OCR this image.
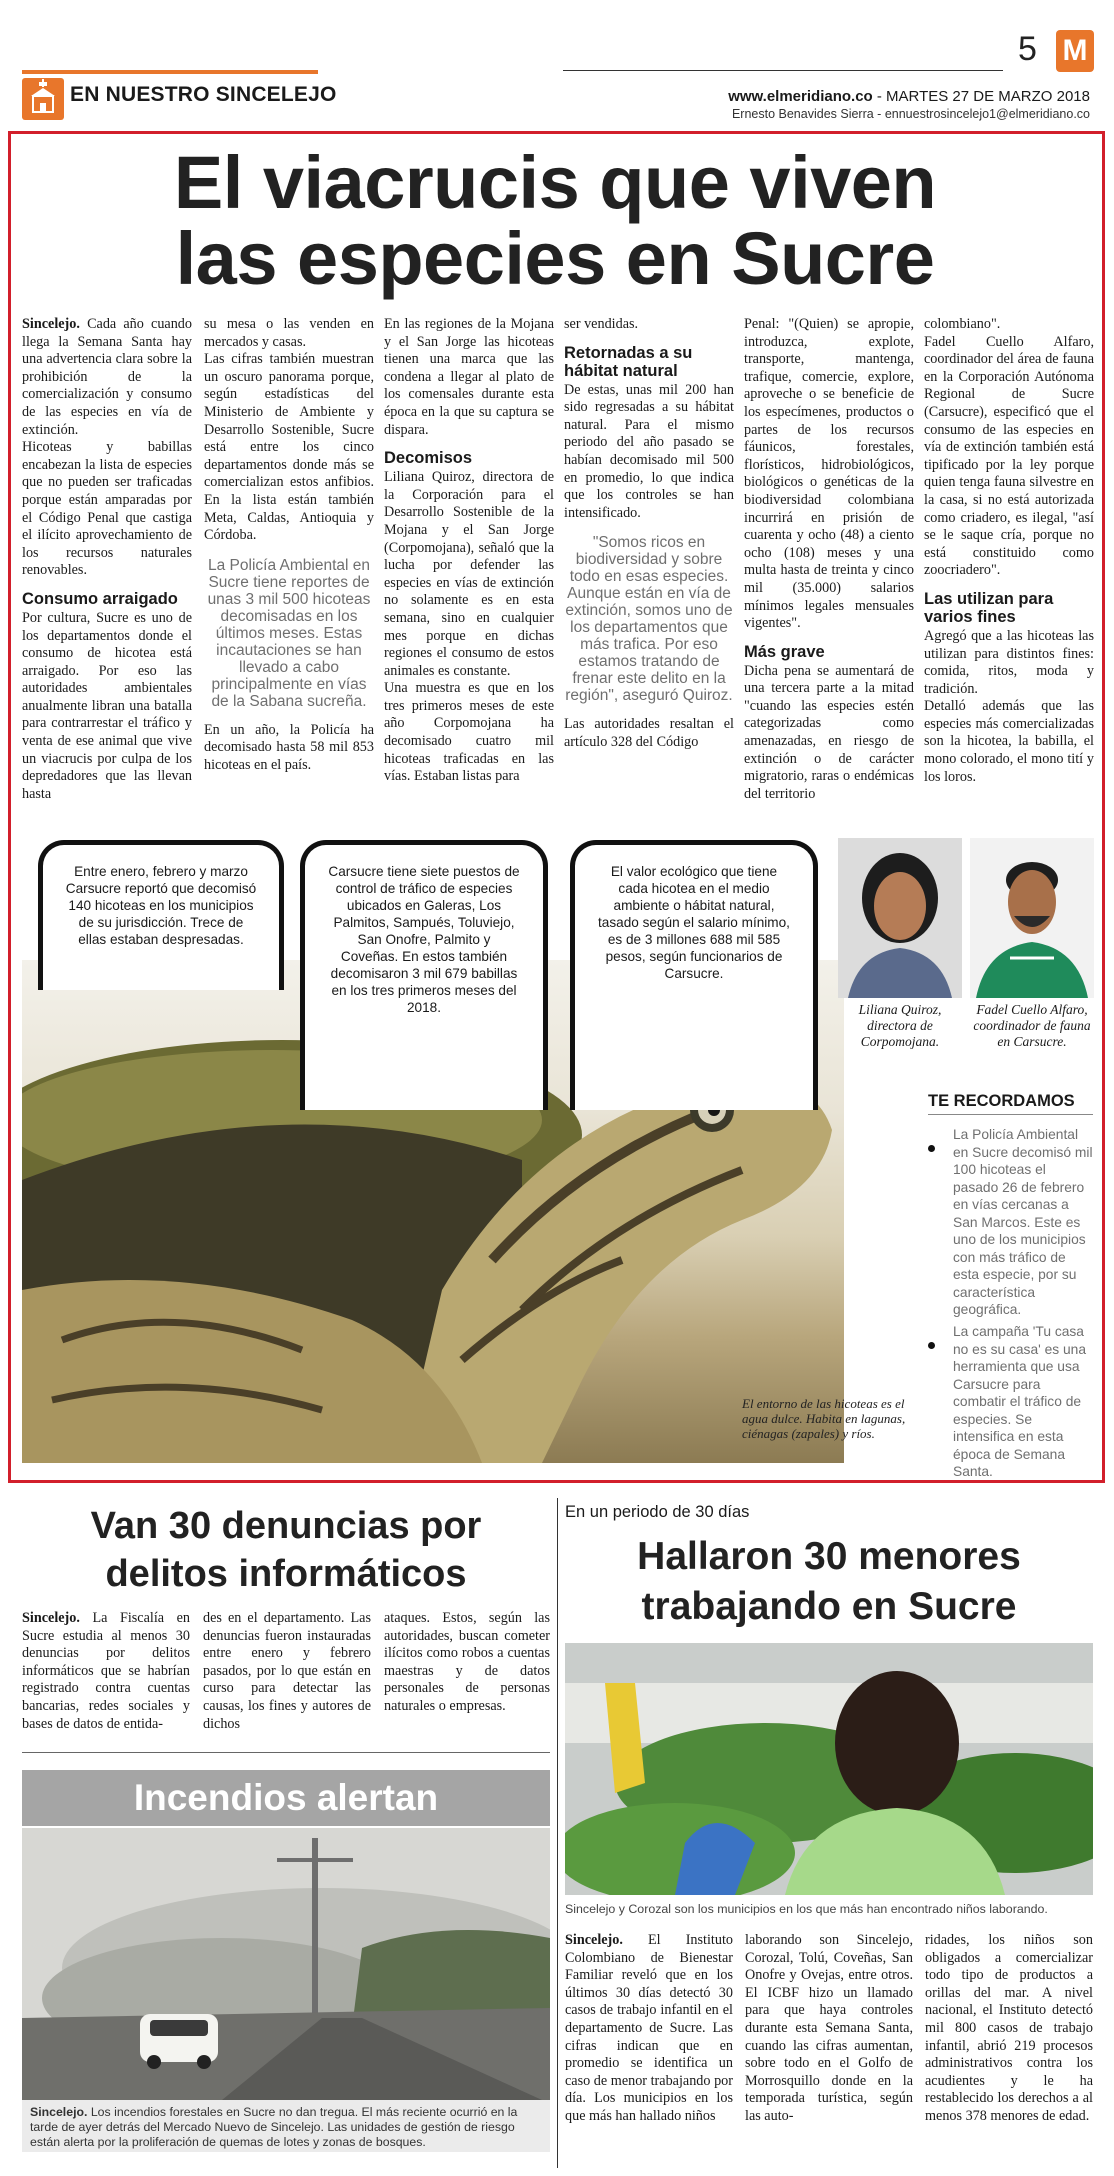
EN NUESTRO SINCELEJO
5 M
www.elmeridiano.co - MARTES 27 DE MARZO 2018
Ernesto Benavides Sierra - ennuestrosincelejo1@elmeridiano.co
El viacrucis que viven
las especies en Sucre

Sincelejo. Cada año cuando llega la Semana Santa hay una advertencia clara sobre la prohibición de la comercialización y consumo de las especies en vía de extinción.

Hicoteas y babillas encabezan la lista de especies que no pueden ser traficadas porque están amparadas por el Código Penal que castiga el ilícito aprovechamiento de los recursos naturales renovables.

Consumo arraigado

Por cultura, Sucre es uno de los departamentos donde el consumo de hicotea está arraigado. Por eso las autoridades ambientales anualmente libran una batalla para contrarrestar el tráfico y venta de ese animal que vive un viacrucis por culpa de los depredadores que las llevan hasta

su mesa o las venden en mercados y casas.

Las cifras también muestran un oscuro panorama porque, según estadísticas del Ministerio de Ambiente y Desarrollo Sostenible, Sucre está entre los cinco departamentos donde más se comercializan estos anfibios. En la lista están también Meta, Caldas, Antioquia y Córdoba.

La Policía Ambiental en Sucre tiene reportes de unas 3 mil 500 hicoteas decomisadas en los últimos meses. Estas incautaciones se han llevado a cabo principalmente en vías de la Sabana sucreña.

En un año, la Policía ha decomisado hasta 58 mil 853 hicoteas en el país.

En las regiones de la Mojana y el San Jorge las hicoteas tienen una marca que las condena a llegar al plato de los comensales durante esta época en la que su captura se dispara.

Decomisos

Liliana Quiroz, directora de la Corporación para el Desarrollo Sostenible de la Mojana y el San Jorge (Corpomojana), señaló que la lucha por defender las especies en vías de extinción no solamente es en esta semana, sino en cualquier mes porque en dichas regiones el consumo de estos animales es constante.

Una muestra es que en los tres primeros meses de este año Corpomojana ha decomisado cuatro mil hicoteas traficadas en las vías. Estaban listas para

ser vendidas.

Retornadas a su hábitat natural

De estas, unas mil 200 han sido regresadas a su hábitat natural. Para el mismo periodo del año pasado se habían decomisado mil 500 en promedio, lo que indica que los controles se han intensificado.

"Somos ricos en biodiversidad y sobre todo en esas especies. Aunque están en vía de extinción, somos uno de los departamentos que más trafica. Por eso estamos tratando de frenar este delito en la región", aseguró Quiroz.

Las autoridades resaltan el artículo 328 del Código

Penal: "(Quien) se apropie, introduzca, explote, transporte, mantenga, trafique, comercie, explore, aproveche o se beneficie de los especímenes, productos o partes de los recursos fáunicos, forestales, florísticos, hidrobiológicos, biológicos o genéticas de la biodiversidad colombiana incurrirá en prisión de cuarenta y ocho (48) a ciento ocho (108) meses y una multa hasta de treinta y cinco mil (35.000) salarios mínimos legales mensuales vigentes".

Más grave

Dicha pena se aumentará de una tercera parte a la mitad "cuando las especies estén categorizadas como amenazadas, en riesgo de extinción o de carácter migratorio, raras o endémicas del territorio

colombiano".

Fadel Cuello Alfaro, coordinador del área de fauna en la Corporación Autónoma Regional de Sucre (Carsucre), especificó que el consumo de las especies en vía de extinción también está tipificado por la ley porque quien tenga fauna silvestre en la casa, si no está autorizada como criadero, es ilegal, "así se le saque cría, porque no está constituido como zoocriadero".

Las utilizan para varios fines

Agregó que a las hicoteas las utilizan para distintos fines: comida, ritos, moda y tradición.

Detalló además que las especies más comercializadas son la hicotea, la babilla, el mono colorado, el mono tití y los loros.

El entorno de las hicoteas es el agua dulce. Habita en lagunas, ciénagas (zapales) y ríos.
Entre enero, febrero y marzo Carsucre reportó que decomisó 140 hicoteas en los municipios de su jurisdicción. Trece de ellas estaban despresadas.
Carsucre tiene siete puestos de control de tráfico de especies ubicados en Galeras, Los Palmitos, Sampués, Toluviejo, San Onofre, Palmito y Coveñas. En estos también decomisaron 3 mil 679 babillas en los tres primeros meses del 2018.
El valor ecológico que tiene cada hicotea en el medio ambiente o hábitat natural, tasado según el salario mínimo, es de 3 millones 688 mil 585 pesos, según funcionarios de Carsucre.
Liliana Quiroz, directora de Corpomojana.
Fadel Cuello Alfaro, coordinador de fauna en Carsucre.
TE RECORDAMOS
La Policía Ambiental en Sucre decomisó mil 100 hicoteas el pasado 26 de febrero en vías cercanas a San Marcos. Este es uno de los municipios con más tráfico de esta especie, por su característica geográfica.
La campaña 'Tu casa no es su casa' es una herramienta que usa Carsucre para combatir el tráfico de especies. Se intensifica en esta época de Semana Santa.
Van 30 denuncias por
delitos informáticos

Sincelejo. La Fiscalía en Sucre estudia al menos 30 denuncias por delitos informáticos que se habrían registrado contra cuentas bancarias, redes sociales y bases de datos de entida-

des en el departamento. Las denuncias fueron instauradas entre enero y febrero pasados, por lo que están en curso para detectar las causas, los fines y autores de dichos
ataques. Estos, según las autoridades, buscan cometer ilícitos como robos a cuentas maestras y de datos personales de personas naturales o empresas.
Incendios alertan
Sincelejo. Los incendios forestales en Sucre no dan tregua. El más reciente ocurrió en la tarde de ayer detrás del Mercado Nuevo de Sincelejo. Las unidades de gestión de riesgo están alerta por la proliferación de quemas de lotes y zonas de bosques.
En un periodo de 30 días
Hallaron 30 menores
trabajando en Sucre
Sincelejo y Corozal son los municipios en los que más han encontrado niños laborando.

Sincelejo. El Instituto Colombiano de Bienestar Familiar reveló que en los últimos 30 días detectó 30 casos de trabajo infantil en el departamento de Sucre. Las cifras indican que en promedio se identifica un caso de menor trabajando por día. Los municipios en los que más han hallado niños

laborando son Sincelejo, Corozal, Tolú, Coveñas, San Onofre y Ovejas, entre otros. El ICBF hizo un llamado para que haya controles durante esta Semana Santa, cuando las cifras aumentan, sobre todo en el Golfo de Morrosquillo donde en la temporada turística, según las auto-
ridades, los niños son obligados a comercializar todo tipo de productos a orillas del mar. A nivel nacional, el Instituto detectó mil 800 casos de trabajo infantil, abrió 219 procesos administrativos contra los acudientes y le ha restablecido los derechos a al menos 378 menores de edad.
